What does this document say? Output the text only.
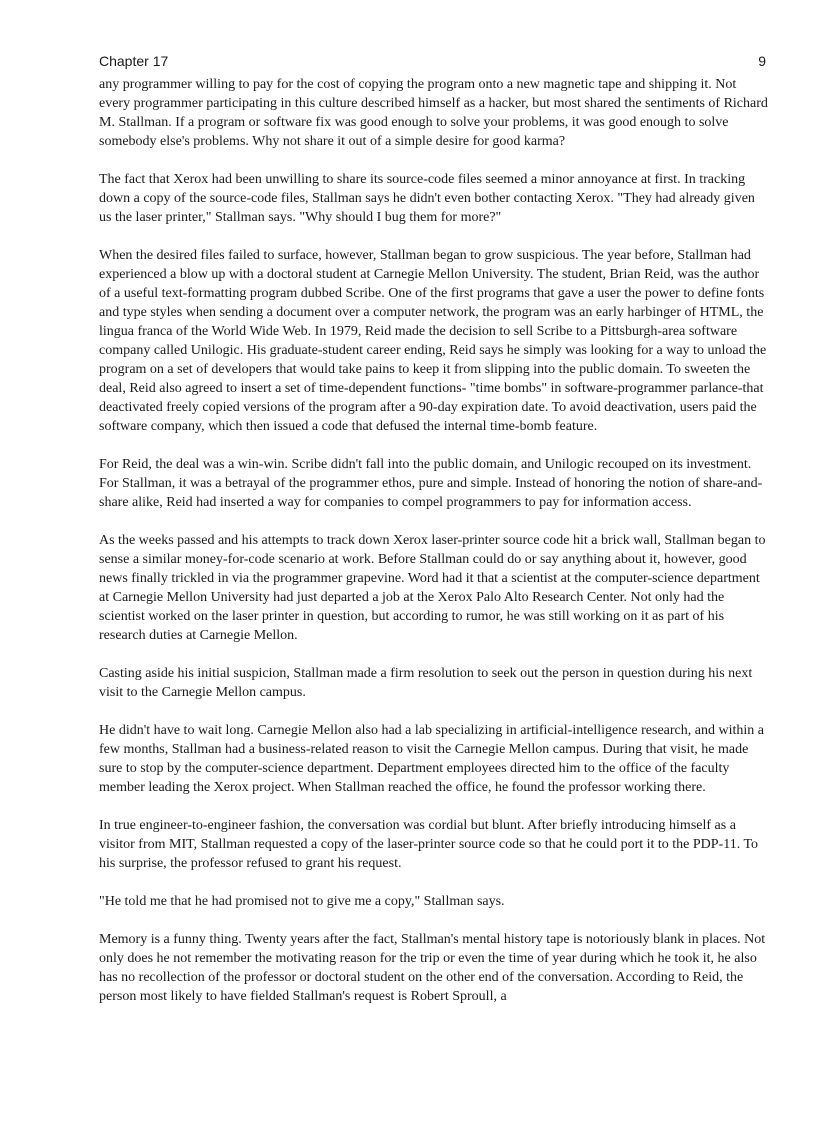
Chapter 17	9

any programmer willing to pay for the cost of copying the program onto a new magnetic tape and shipping it. Not every programmer participating in this culture described himself as a hacker, but most shared the sentiments of Richard M. Stallman. If a program or software fix was good enough to solve your problems, it was good enough to solve somebody else's problems. Why not share it out of a simple desire for good karma?

The fact that Xerox had been unwilling to share its source-code files seemed a minor annoyance at first. In tracking down a copy of the source-code files, Stallman says he didn't even bother contacting Xerox. "They had already given us the laser printer," Stallman says. "Why should I bug them for more?"

When the desired files failed to surface, however, Stallman began to grow suspicious. The year before, Stallman had experienced a blow up with a doctoral student at Carnegie Mellon University. The student, Brian Reid, was the author of a useful text-formatting program dubbed Scribe. One of the first programs that gave a user the power to define fonts and type styles when sending a document over a computer network, the program was an early harbinger of HTML, the lingua franca of the World Wide Web. In 1979, Reid made the decision to sell Scribe to a Pittsburgh-area software company called Unilogic. His graduate-student career ending, Reid says he simply was looking for a way to unload the program on a set of developers that would take pains to keep it from slipping into the public domain. To sweeten the deal, Reid also agreed to insert a set of time-dependent functions- "time bombs" in software-programmer parlance-that deactivated freely copied versions of the program after a 90-day expiration date. To avoid deactivation, users paid the software company, which then issued a code that defused the internal time-bomb feature.

For Reid, the deal was a win-win. Scribe didn't fall into the public domain, and Unilogic recouped on its investment. For Stallman, it was a betrayal of the programmer ethos, pure and simple. Instead of honoring the notion of share-and-share alike, Reid had inserted a way for companies to compel programmers to pay for information access.

As the weeks passed and his attempts to track down Xerox laser-printer source code hit a brick wall, Stallman began to sense a similar money-for-code scenario at work. Before Stallman could do or say anything about it, however, good news finally trickled in via the programmer grapevine. Word had it that a scientist at the computer-science department at Carnegie Mellon University had just departed a job at the Xerox Palo Alto Research Center. Not only had the scientist worked on the laser printer in question, but according to rumor, he was still working on it as part of his research duties at Carnegie Mellon.

Casting aside his initial suspicion, Stallman made a firm resolution to seek out the person in question during his next visit to the Carnegie Mellon campus.

He didn't have to wait long. Carnegie Mellon also had a lab specializing in artificial-intelligence research, and within a few months, Stallman had a business-related reason to visit the Carnegie Mellon campus. During that visit, he made sure to stop by the computer-science department. Department employees directed him to the office of the faculty member leading the Xerox project. When Stallman reached the office, he found the professor working there.

In true engineer-to-engineer fashion, the conversation was cordial but blunt. After briefly introducing himself as a visitor from MIT, Stallman requested a copy of the laser-printer source code so that he could port it to the PDP-11. To his surprise, the professor refused to grant his request.

"He told me that he had promised not to give me a copy," Stallman says.

Memory is a funny thing. Twenty years after the fact, Stallman's mental history tape is notoriously blank in places. Not only does he not remember the motivating reason for the trip or even the time of year during which he took it, he also has no recollection of the professor or doctoral student on the other end of the conversation. According to Reid, the person most likely to have fielded Stallman's request is Robert Sproull, a
